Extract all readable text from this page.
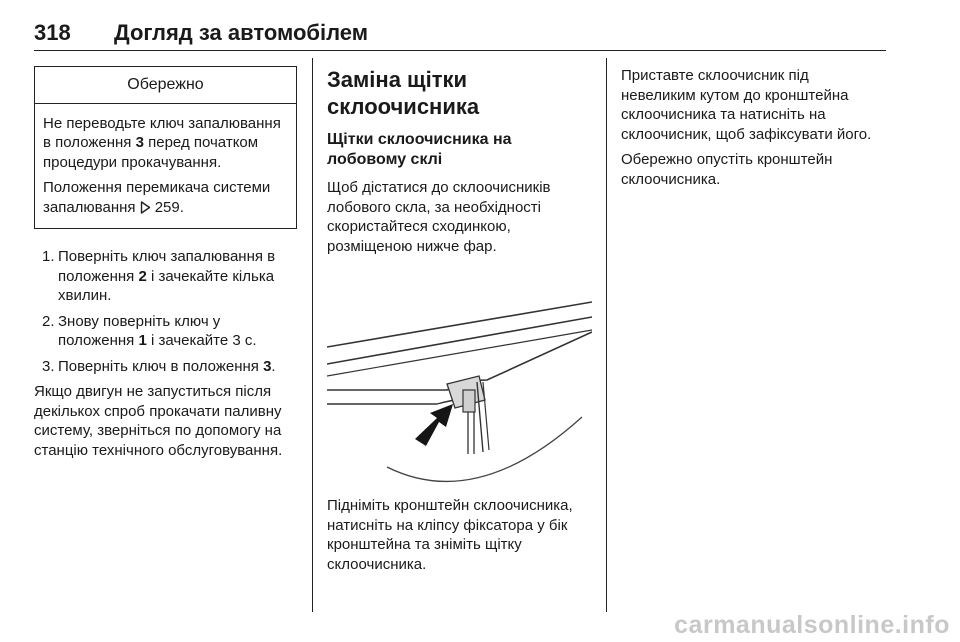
318 Догляд за автомобілем
Обережно

Не переводьте ключ запалювання в положення 3 перед початком процедури прокачування.

Положення перемикача системи запалювання 259.

1. Поверніть ключ запалювання в положення 2 і зачекайте кілька хвилин.
2. Знову поверніть ключ у положення 1 і зачекайте 3 с.
3. Поверніть ключ в положення 3.

Якщо двигун не запуститься після декількох спроб прокачати паливну систему, зверніться по допомогу на станцію технічного обслуговування.

Заміна щітки склоочисника
Щітки склоочисника на лобовому склі

Щоб дістатися до склоочисників лобового скла, за необхідності скористайтеся сходинкою, розміщеною нижче фар.

Підніміть кронштейн склоочисника, натисніть на кліпсу фіксатора у бік кронштейна та зніміть щітку склоочисника.

Приставте склоочисник під невеликим кутом до кронштейна склоочисника та натисніть на склоочисник, щоб зафіксувати його.

Обережно опустіть кронштейн склоочисника.

carmanualsonline.info
